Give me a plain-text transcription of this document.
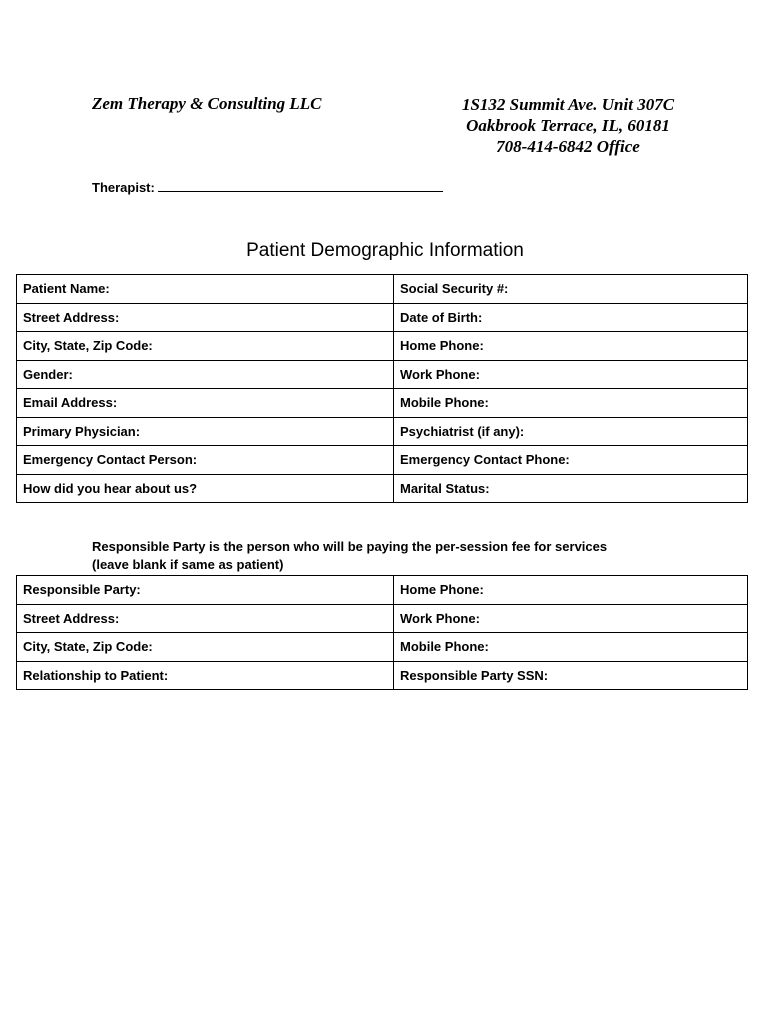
Zem Therapy & Consulting LLC	1S132 Summit Ave. Unit 307C
Oakbrook Terrace, IL, 60181
708-414-6842 Office
Therapist:
Patient Demographic Information
Patient Name:	Social Security #:
Street Address:	Date of Birth:
City, State, Zip Code:	Home Phone:
Gender:	Work Phone:
Email Address:	Mobile Phone:
Primary Physician:	Psychiatrist (if any):
Emergency Contact Person:	Emergency Contact Phone:
How did you hear about us?	Marital Status:
Responsible Party is the person who will be paying the per-session fee for services
(leave blank if same as patient)
Responsible Party:	Home Phone:
Street Address:	Work Phone:
City, State, Zip Code:	Mobile Phone:
Relationship to Patient:	Responsible Party SSN:
